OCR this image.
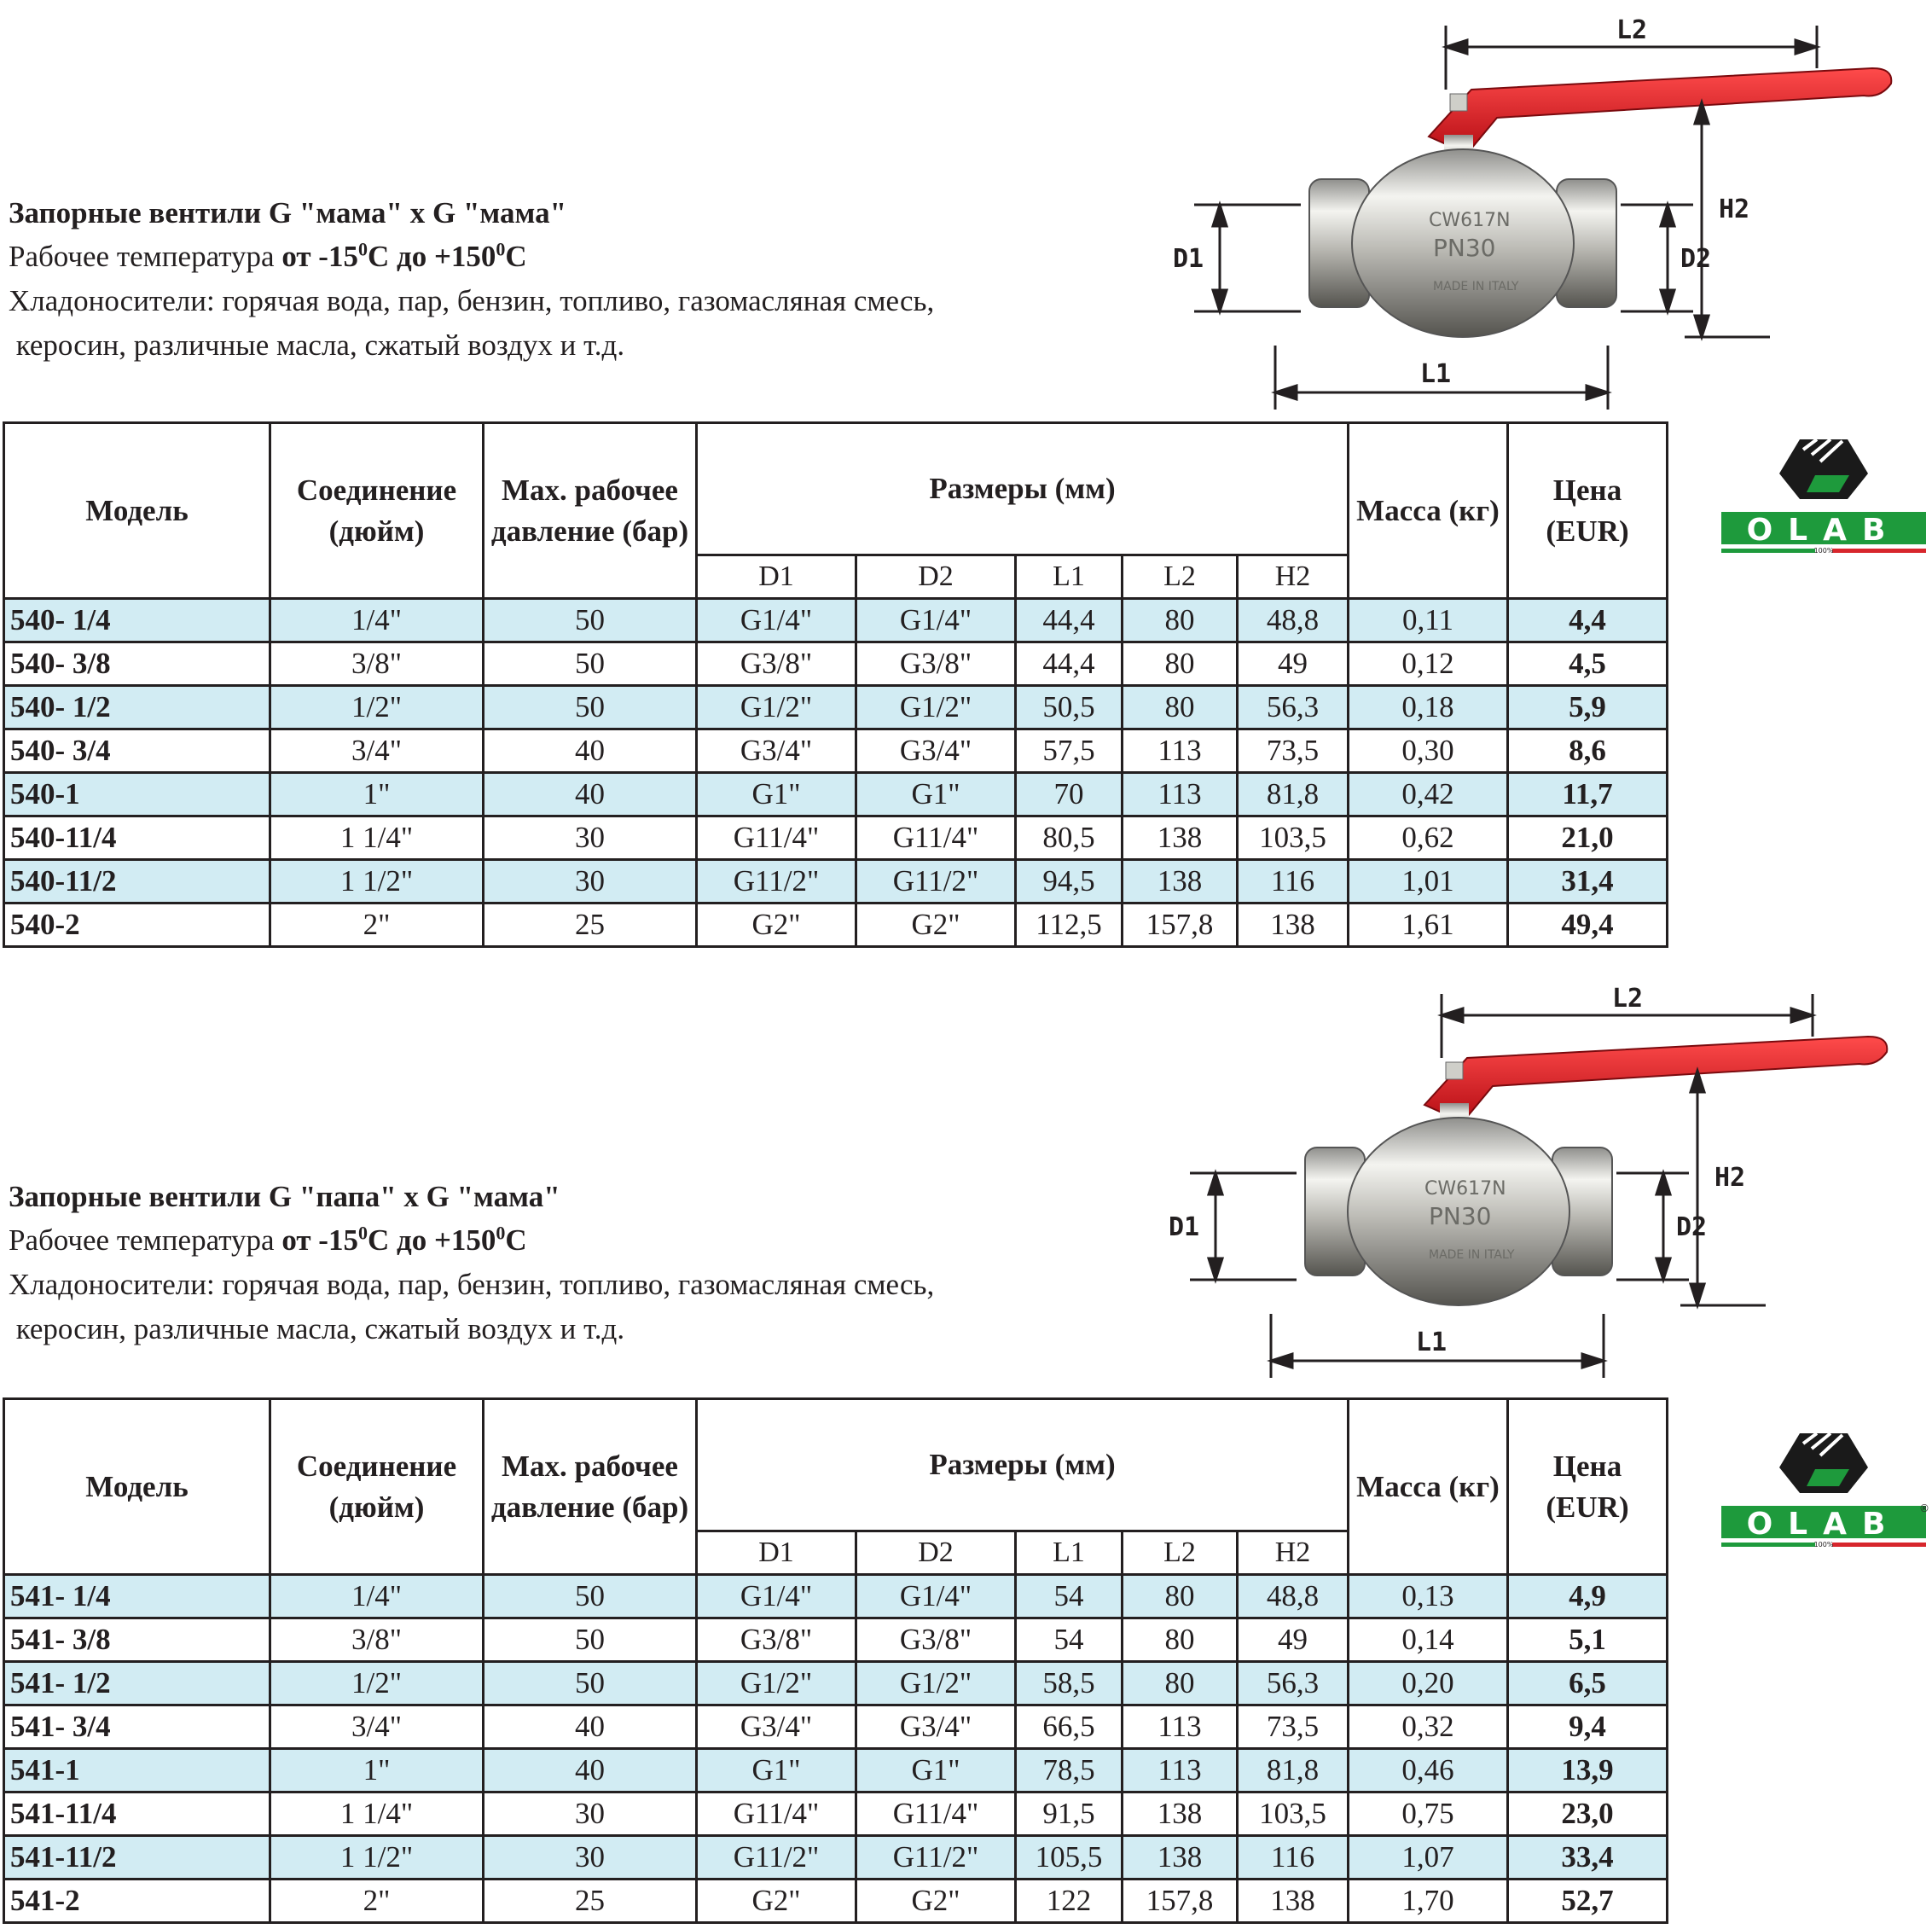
Запорные вентили G "мама" x G "мама"
Рабочее температура от $-15^0C$ до $+150^0C$
Хладоносители: горячая вода, пар, бензин, топливо, газомасляная смесь,
керосин, различные масла, сжатый воздух и т.д.
CW617N
PN30
MADE IN ITALY
L2
H2
D1	D2
L1
OLAB
100%
Модель	Соединение (дюйм)	Max. рабочее давление (бар)	Размеры (мм)					Масса (кг)	Цена (EUR)
			D1	D2	L1	L2	H2		
540- 1/4	1/4"	50	G1/4"	G1/4"	44,4	80	48,8	0,11	4,4
540- 3/8	3/8"	50	G3/8"	G3/8"	44,4	80	49	0,12	4,5
540- 1/2	1/2"	50	G1/2"	G1/2"	50,5	80	56,3	0,18	5,9
540- 3/4	3/4"	40	G3/4"	G3/4"	57,5	113	73,5	0,30	8,6
540-1	1"	40	G1"	G1"	70	113	81,8	0,42	11,7
540-11/4	1 1/4"	30	G11/4"	G11/4"	80,5	138	103,5	0,62	21,0
540-11/2	1 1/2"	30	G11/2"	G11/2"	94,5	138	116	1,01	31,4
540-2	2"	25	G2"	G2"	112,5	157,8	138	1,61	49,4
Запорные вентили G "папа" x G "мама"
Рабочее температура от $-15^0C$ до $+150^0C$
Хладоносители: горячая вода, пар, бензин, топливо, газомасляная смесь,
керосин, различные масла, сжатый воздух и т.д.
CW617N
PN30
MADE IN ITALY
L2
H2
D1	D2
L1
OLAB
100%
®
Модель	Соединение (дюйм)	Max. рабочее давление (бар)	Размеры (мм)					Масса (кг)	Цена (EUR)
			D1	D2	L1	L2	H2		
541- 1/4	1/4"	50	G1/4"	G1/4"	54	80	48,8	0,13	4,9
541- 3/8	3/8"	50	G3/8"	G3/8"	54	80	49	0,14	5,1
541- 1/2	1/2"	50	G1/2"	G1/2"	58,5	80	56,3	0,20	6,5
541- 3/4	3/4"	40	G3/4"	G3/4"	66,5	113	73,5	0,32	9,4
541-1	1"	40	G1"	G1"	78,5	113	81,8	0,46	13,9
541-11/4	1 1/4"	30	G11/4"	G11/4"	91,5	138	103,5	0,75	23,0
541-11/2	1 1/2"	30	G11/2"	G11/2"	105,5	138	116	1,07	33,4
541-2	2"	25	G2"	G2"	122	157,8	138	1,70	52,7
